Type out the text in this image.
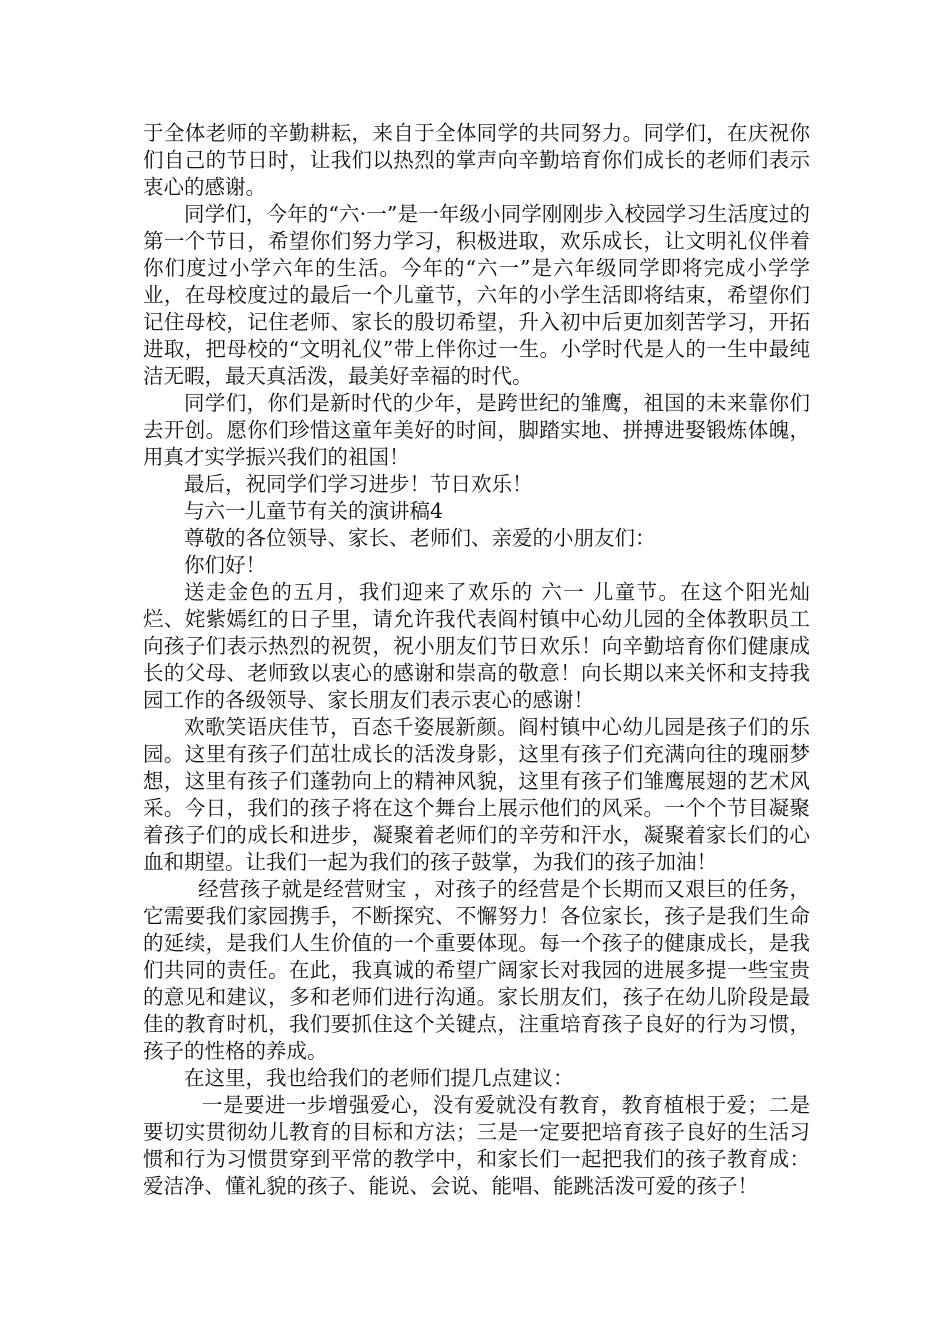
于全体老师的辛勤耕耘，来自于全体同学的共同努力。同学们，在庆祝你们自己的节日时，让我们以热烈的掌声向辛勤培育你们成长的老师们表示衷心的感谢。

同学们，今年的“六·一”是一年级小同学刚刚步入校园学习生活度过的第一个节日，希望你们努力学习，积极进取，欢乐成长，让文明礼仪伴着你们度过小学六年的生活。今年的“六一”是六年级同学即将完成小学学业，在母校度过的最后一个儿童节，六年的小学生活即将结束，希望你们记住母校，记住老师、家长的殷切希望，升入初中后更加刻苦学习，开拓进取，把母校的“文明礼仪”带上伴你过一生。小学时代是人的一生中最纯洁无暇，最天真活泼，最美好幸福的时代。

同学们，你们是新时代的少年，是跨世纪的雏鹰，祖国的未来靠你们去开创。愿你们珍惜这童年美好的时间，脚踏实地、拼搏进娶锻炼体魄，用真才实学振兴我们的祖国！

最后，祝同学们学习进步！节日欢乐！

与六一儿童节有关的演讲稿4

尊敬的各位领导、家长、老师们、亲爱的小朋友们：

你们好！

送走金色的五月，我们迎来了欢乐的 六一 儿童节。在这个阳光灿烂、姹紫嫣红的日子里，请允许我代表阎村镇中心幼儿园的全体教职员工向孩子们表示热烈的祝贺，祝小朋友们节日欢乐！向辛勤培育你们健康成长的父母、老师致以衷心的感谢和崇高的敬意！向长期以来关怀和支持我园工作的各级领导、家长朋友们表示衷心的感谢！

欢歌笑语庆佳节，百态千姿展新颜。阎村镇中心幼儿园是孩子们的乐园。这里有孩子们茁壮成长的活泼身影，这里有孩子们充满向往的瑰丽梦想，这里有孩子们蓬勃向上的精神风貌，这里有孩子们雏鹰展翅的艺术风采。今日，我们的孩子将在这个舞台上展示他们的风采。一个个节目凝聚着孩子们的成长和进步，凝聚着老师们的辛劳和汗水，凝聚着家长们的心血和期望。让我们一起为我们的孩子鼓掌，为我们的孩子加油！

经营孩子就是经营财宝 ，对孩子的经营是个长期而又艰巨的任务，它需要我们家园携手，不断探究、不懈努力！各位家长，孩子是我们生命的延续，是我们人生价值的一个重要体现。每一个孩子的健康成长，是我们共同的责任。在此，我真诚的希望广阔家长对我园的进展多提一些宝贵的意见和建议，多和老师们进行沟通。家长朋友们，孩子在幼儿阶段是最佳的教育时机，我们要抓住这个关键点，注重培育孩子良好的行为习惯，孩子的性格的养成。

在这里，我也给我们的老师们提几点建议：

一是要进一步增强爱心，没有爱就没有教育，教育植根于爱；二是要切实贯彻幼儿教育的目标和方法；三是一定要把培育孩子良好的生活习惯和行为习惯贯穿到平常的教学中，和家长们一起把我们的孩子教育成：爱洁净、懂礼貌的孩子、能说、会说、能唱、能跳活泼可爱的孩子！
